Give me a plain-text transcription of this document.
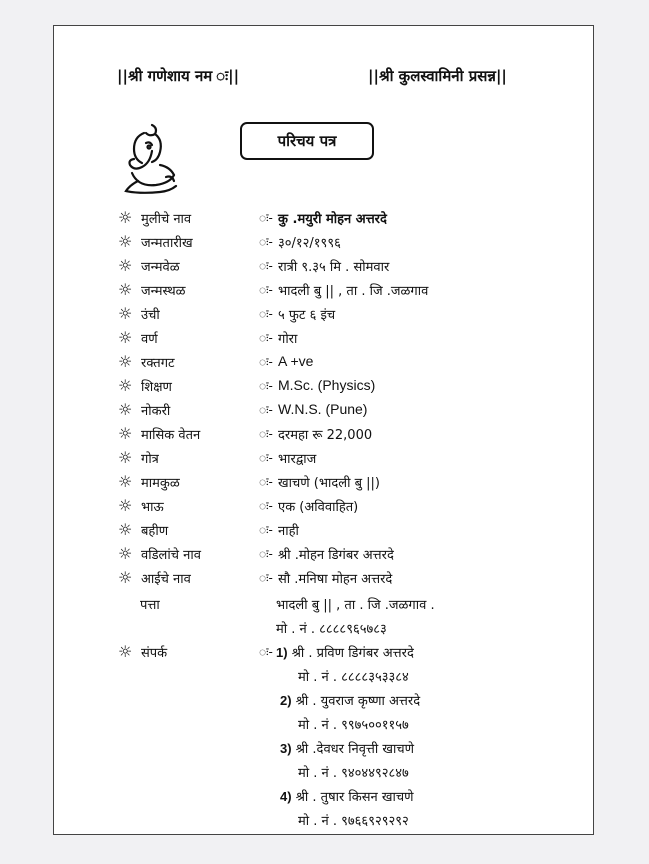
||श्री गणेशाय नम ः||	||श्री कुलस्वामिनी प्रसन्न||
परिचय पत्र
☼ मुलीचे नाव	ः- कु .मयुरी मोहन अत्तरदे
☼ जन्मतारीख	ः- ३०/१२/१९९६
☼ जन्मवेळ	ः- रात्री ९.३५ मि . सोमवार
☼ जन्मस्थळ	ः- भादली बु || , ता . जि .जळगाव
☼ उंची	ः- ५ फुट ६ इंच
☼ वर्ण	ः- गोरा
☼ रक्तगट	ः- A +ve
☼ शिक्षण	ः- M.Sc. (Physics)
☼ नोकरी	ः- W.N.S. (Pune)
☼ मासिक वेतन	ः- दरमहा रू 22,000
☼ गोत्र	ः- भारद्वाज
☼ मामकुळ	ः- खाचणे (भादली बु ||)
☼ भाऊ	ः- एक (अविवाहित)
☼ बहीण	ः- नाही
☼ वडिलांचे नाव	ः- श्री .मोहन डिगंबर अत्तरदे
☼ आईचे नाव	ः- सौ .मनिषा मोहन अत्तरदे
पत्ता	भादली बु || , ता . जि .जळगाव .
मो . नं . ८८८८९६५७८३
☼ संपर्क	ः- 1) श्री . प्रविण डिगंबर अत्तरदे
मो . नं . ८८८८३५३३८४
2) श्री . युवराज कृष्णा अत्तरदे
मो . नं . ९९७५००११५७
3) श्री .देवधर निवृत्ती खाचणे
मो . नं . ९४०४४९२८४७
4) श्री . तुषार किसन खाचणे
मो . नं . ९७६६९२९२९२
